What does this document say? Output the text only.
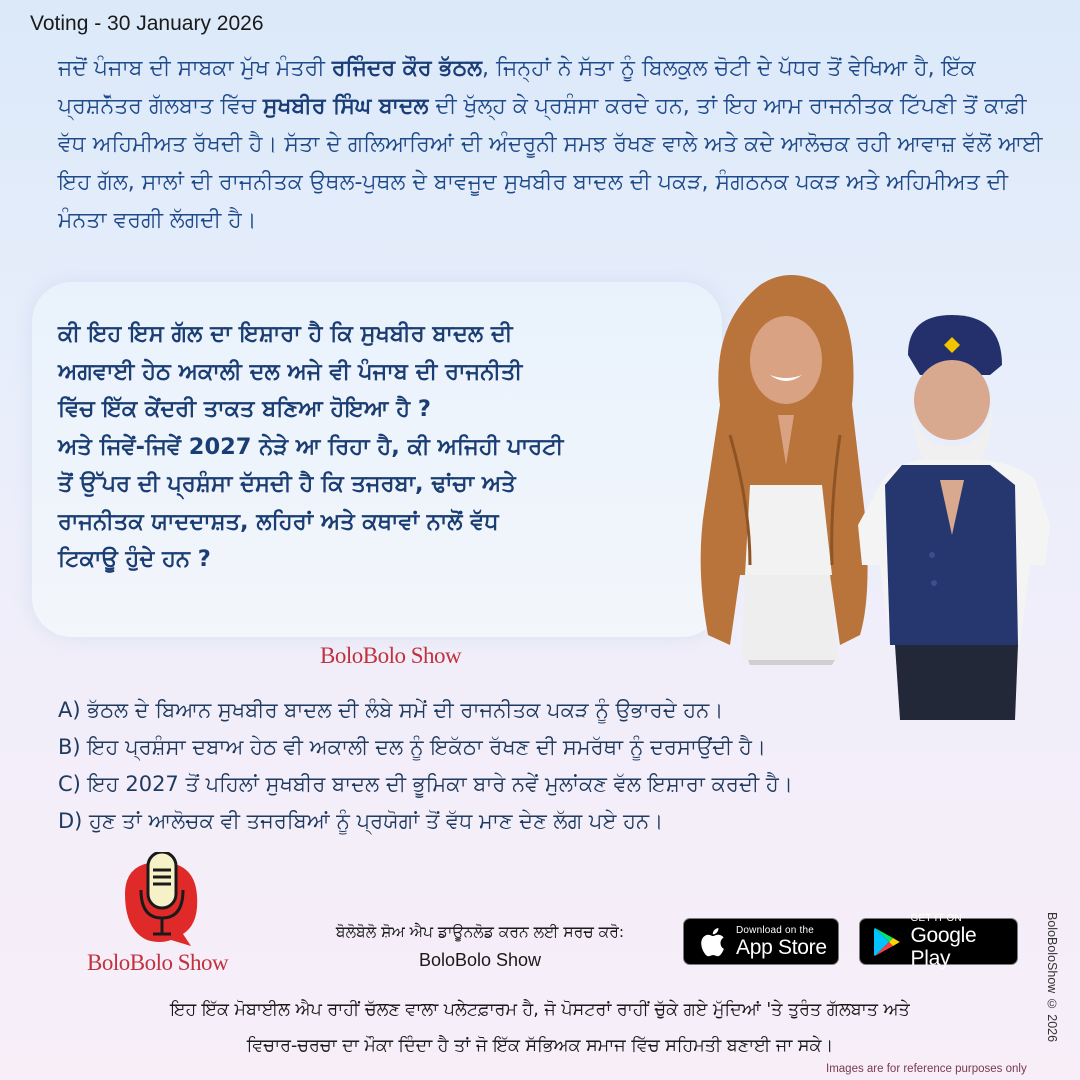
Voting - 30 January 2026

ਜਦੋਂ ਪੰਜਾਬ ਦੀ ਸਾਬਕਾ ਮੁੱਖ ਮੰਤਰੀ ਰਜਿੰਦਰ ਕੌਰ ਭੱਠਲ, ਜਿਨ੍ਹਾਂ ਨੇ ਸੱਤਾ ਨੂੰ ਬਿਲਕੁਲ ਚੋਟੀ ਦੇ ਪੱਧਰ ਤੋਂ ਵੇਖਿਆ ਹੈ, ਇੱਕ ਪ੍ਰਸ਼ਨੋੱਤਰ ਗੱਲਬਾਤ ਵਿੱਚ ਸੁਖਬੀਰ ਸਿੰਘ ਬਾਦਲ ਦੀ ਖੁੱਲ੍ਹ ਕੇ ਪ੍ਰਸ਼ੰਸਾ ਕਰਦੇ ਹਨ, ਤਾਂ ਇਹ ਆਮ ਰਾਜਨੀਤਕ ਟਿੱਪਣੀ ਤੋਂ ਕਾਫ਼ੀ ਵੱਧ ਅਹਿਮੀਅਤ ਰੱਖਦੀ ਹੈ। ਸੱਤਾ ਦੇ ਗਲਿਆਰਿਆਂ ਦੀ ਅੰਦਰੂਨੀ ਸਮਝ ਰੱਖਣ ਵਾਲੇ ਅਤੇ ਕਦੇ ਆਲੋਚਕ ਰਹੀ ਆਵਾਜ਼ ਵੱਲੋਂ ਆਈ ਇਹ ਗੱਲ, ਸਾਲਾਂ ਦੀ ਰਾਜਨੀਤਕ ਉਥਲ-ਪੁਥਲ ਦੇ ਬਾਵਜੂਦ ਸੁਖਬੀਰ ਬਾਦਲ ਦੀ ਪਕੜ, ਸੰਗਠਨਕ ਪਕੜ ਅਤੇ ਅਹਿਮੀਅਤ ਦੀ ਮੰਨਤਾ ਵਰਗੀ ਲੱਗਦੀ ਹੈ।

ਕੀ ਇਹ ਇਸ ਗੱਲ ਦਾ ਇਸ਼ਾਰਾ ਹੈ ਕਿ ਸੁਖਬੀਰ ਬਾਦਲ ਦੀ
ਅਗਵਾਈ ਹੇਠ ਅਕਾਲੀ ਦਲ ਅਜੇ ਵੀ ਪੰਜਾਬ ਦੀ ਰਾਜਨੀਤੀ
ਵਿੱਚ ਇੱਕ ਕੇਂਦਰੀ ਤਾਕਤ ਬਣਿਆ ਹੋਇਆ ਹੈ ?
ਅਤੇ ਜਿਵੇਂ-ਜਿਵੇਂ 2027 ਨੇੜੇ ਆ ਰਿਹਾ ਹੈ, ਕੀ ਅਜਿਹੀ ਪਾਰਟੀ
ਤੋਂ ਉੱਪਰ ਦੀ ਪ੍ਰਸ਼ੰਸਾ ਦੱਸਦੀ ਹੈ ਕਿ ਤਜਰਬਾ, ਢਾਂਚਾ ਅਤੇ
ਰਾਜਨੀਤਕ ਯਾਦਦਾਸ਼ਤ, ਲਹਿਰਾਂ ਅਤੇ ਕਥਾਵਾਂ ਨਾਲੋਂ ਵੱਧ
ਟਿਕਾਊ ਹੁੰਦੇ ਹਨ ?
BoloBolo Show
A) ਭੱਠਲ ਦੇ ਬਿਆਨ ਸੁਖਬੀਰ ਬਾਦਲ ਦੀ ਲੰਬੇ ਸਮੇਂ ਦੀ ਰਾਜਨੀਤਕ ਪਕੜ ਨੂੰ ਉਭਾਰਦੇ ਹਨ।
B) ਇਹ ਪ੍ਰਸ਼ੰਸਾ ਦਬਾਅ ਹੇਠ ਵੀ ਅਕਾਲੀ ਦਲ ਨੂੰ ਇਕੱਠਾ ਰੱਖਣ ਦੀ ਸਮਰੱਥਾ ਨੂੰ ਦਰਸਾਉਂਦੀ ਹੈ।
C) ਇਹ 2027 ਤੋਂ ਪਹਿਲਾਂ ਸੁਖਬੀਰ ਬਾਦਲ ਦੀ ਭੂਮਿਕਾ ਬਾਰੇ ਨਵੇਂ ਮੁਲਾਂਕਣ ਵੱਲ ਇਸ਼ਾਰਾ ਕਰਦੀ ਹੈ।
D) ਹੁਣ ਤਾਂ ਆਲੋਚਕ ਵੀ ਤਜਰਬਿਆਂ ਨੂੰ ਪ੍ਰਯੋਗਾਂ ਤੋਂ ਵੱਧ ਮਾਣ ਦੇਣ ਲੱਗ ਪਏ ਹਨ।
BoloBolo Show
ਬੋਲੋਬੋਲੋ ਸ਼ੋਅ ਐਪ ਡਾਊਨਲੋਡ ਕਰਨ ਲਈ ਸਰਚ ਕਰੋ:
BoloBolo Show
Download on the
App Store
GET IT ON
Google Play
ਇਹ ਇੱਕ ਮੋਬਾਈਲ ਐਪ ਰਾਹੀਂ ਚੱਲਣ ਵਾਲਾ ਪਲੇਟਫ਼ਾਰਮ ਹੈ, ਜੋ ਪੋਸਟਰਾਂ ਰਾਹੀਂ ਚੁੱਕੇ ਗਏ ਮੁੱਦਿਆਂ 'ਤੇ ਤੁਰੰਤ ਗੱਲਬਾਤ ਅਤੇ
ਵਿਚਾਰ-ਚਰਚਾ ਦਾ ਮੌਕਾ ਦਿੰਦਾ ਹੈ ਤਾਂ ਜੋ ਇੱਕ ਸੱਭਿਅਕ ਸਮਾਜ ਵਿੱਚ ਸਹਿਮਤੀ ਬਣਾਈ ਜਾ ਸਕੇ।
BoloBoloShow © 2026
Images are for reference purposes only
